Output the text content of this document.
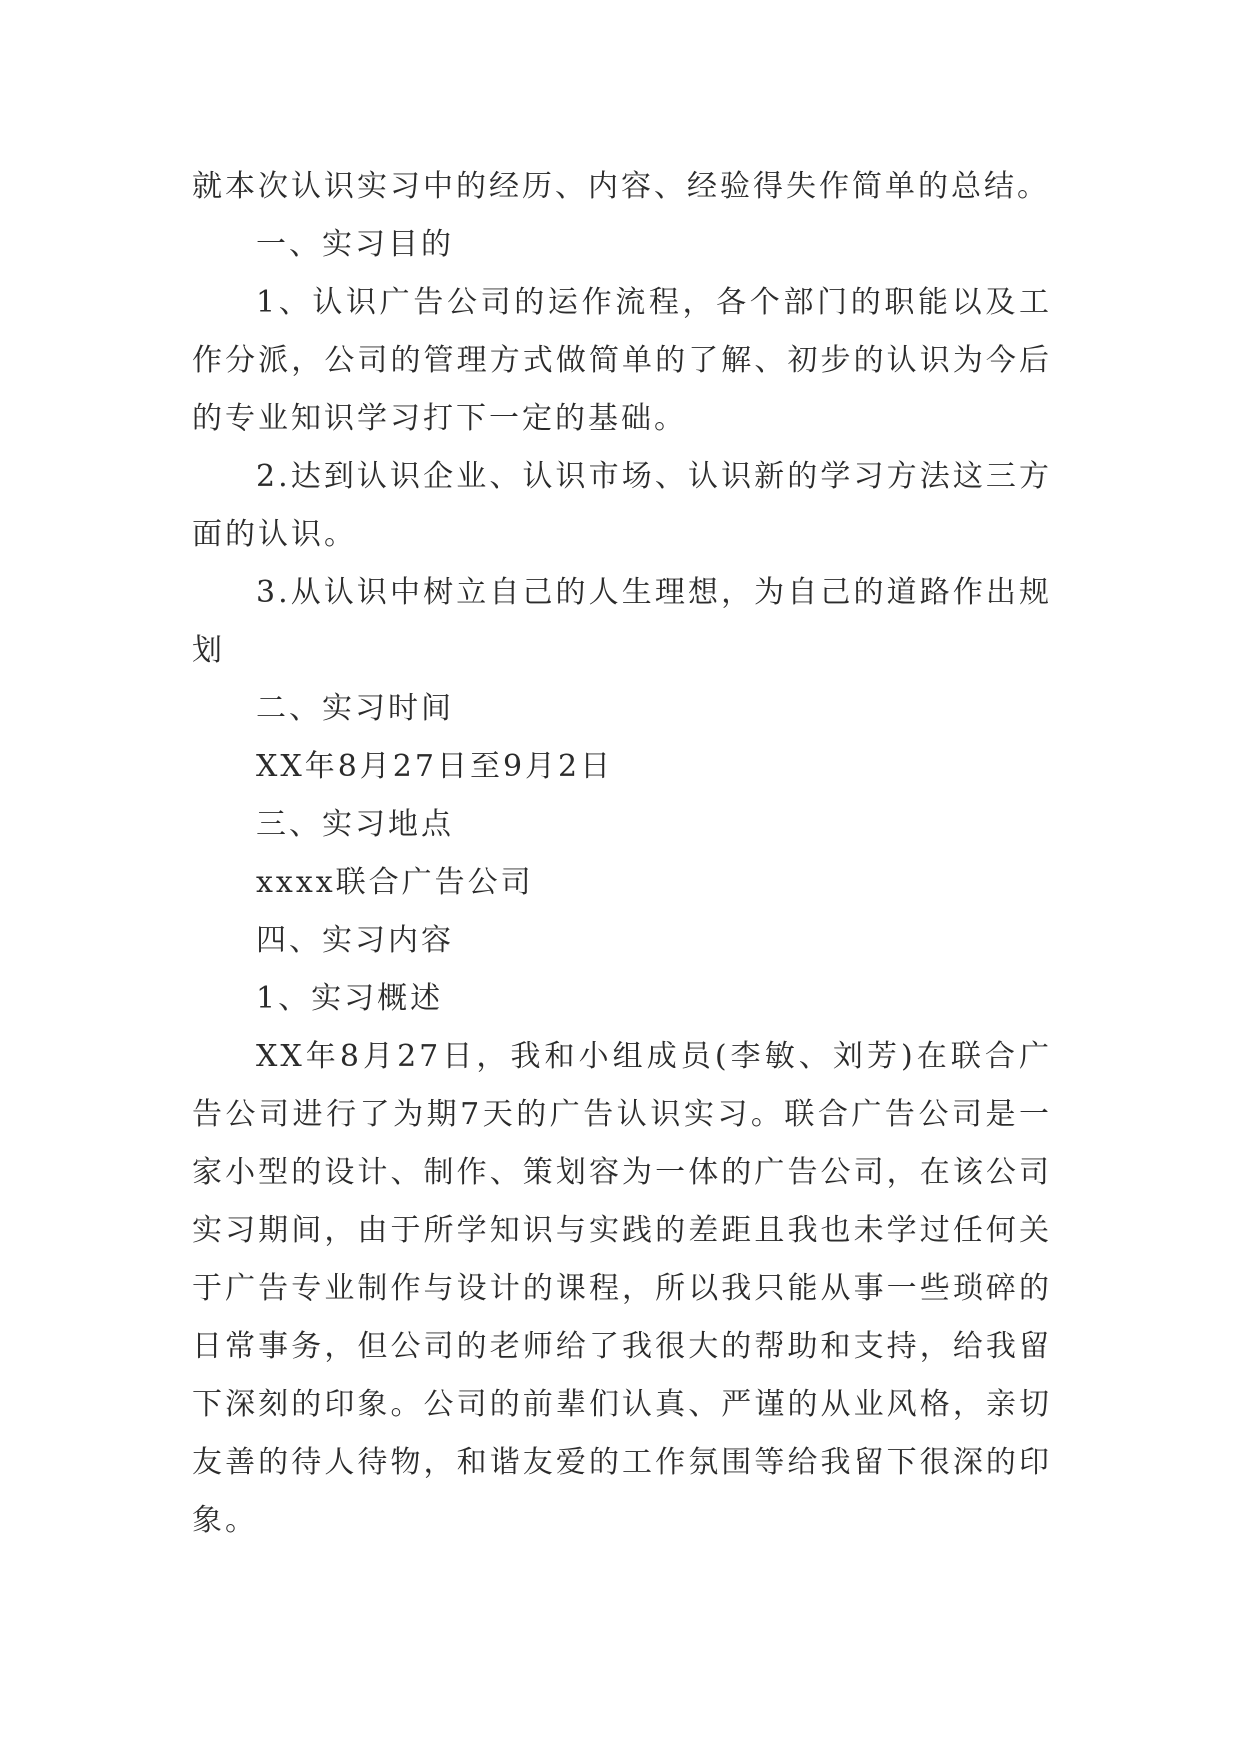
就本次认识实习中的经历、内容、经验得失作简单的总结。

一、实习目的

1、认识广告公司的运作流程，各个部门的职能以及工作分派，公司的管理方式做简单的了解、初步的认识为今后的专业知识学习打下一定的基础。

2.达到认识企业、认识市场、认识新的学习方法这三方面的认识。

3.从认识中树立自己的人生理想，为自己的道路作出规划

二、实习时间

XX年8月27日至9月2日

三、实习地点

xxxx联合广告公司

四、实习内容

1、实习概述

XX年8月27日，我和小组成员(李敏、刘芳)在联合广告公司进行了为期7天的广告认识实习。联合广告公司是一家小型的设计、制作、策划容为一体的广告公司，在该公司实习期间，由于所学知识与实践的差距且我也未学过任何关于广告专业制作与设计的课程，所以我只能从事一些琐碎的日常事务，但公司的老师给了我很大的帮助和支持，给我留下深刻的印象。公司的前辈们认真、严谨的从业风格，亲切友善的待人待物，和谐友爱的工作氛围等给我留下很深的印象。
